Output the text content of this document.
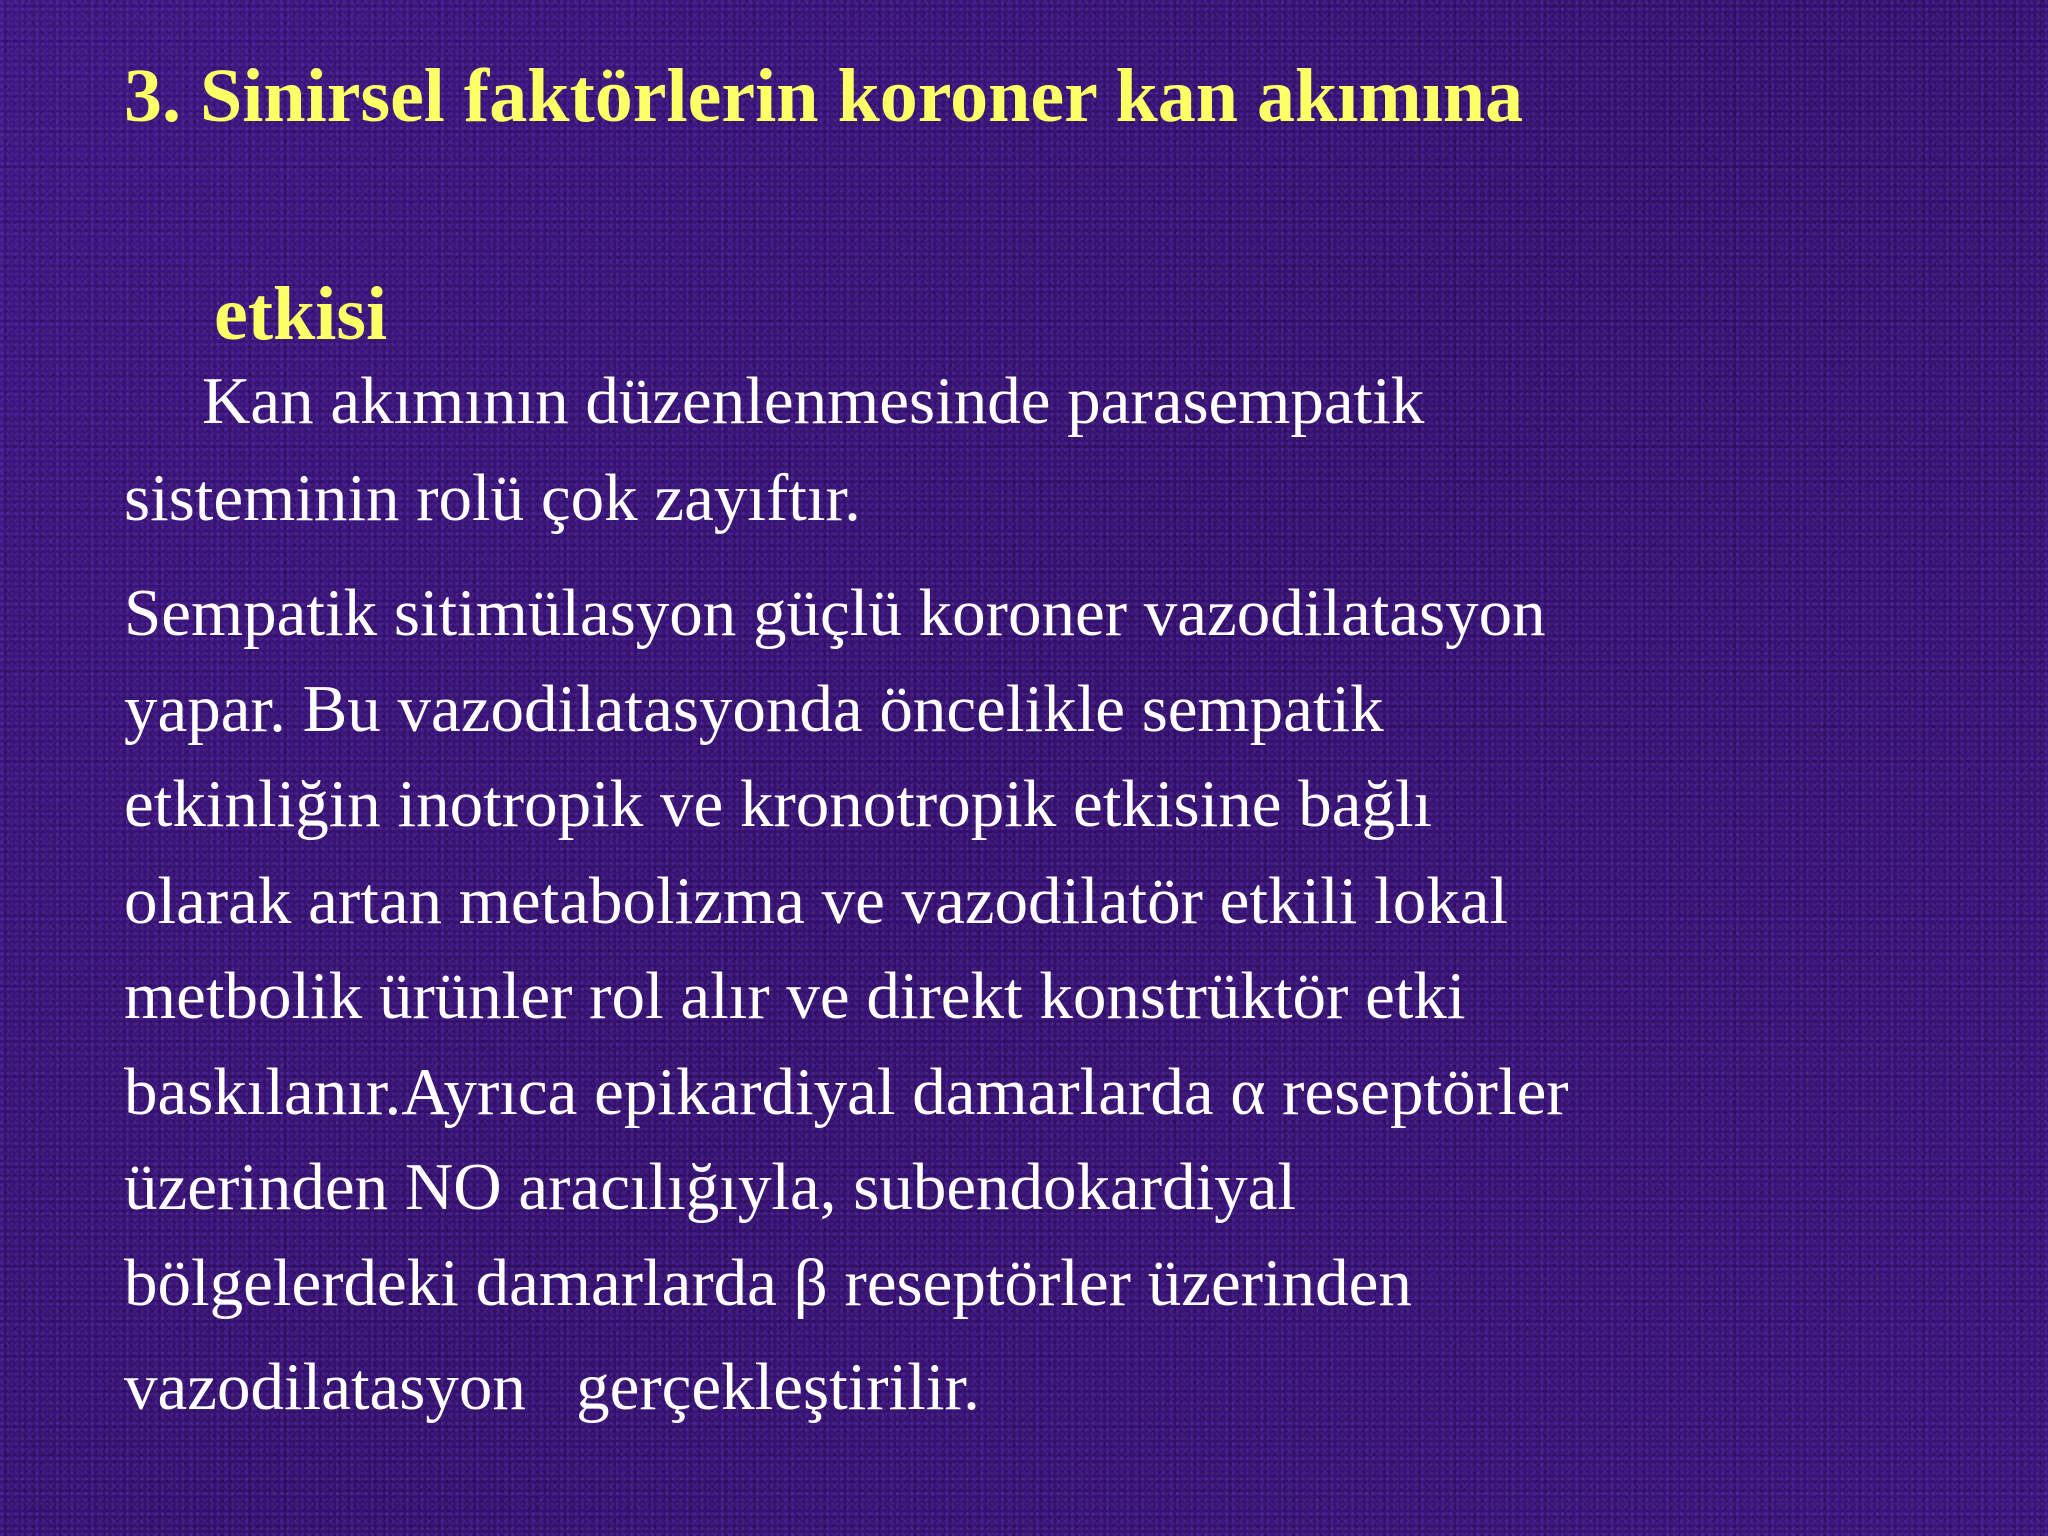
3. Sinirsel faktörlerin koroner kan akımına
etkisi

Kan akımının düzenlenmesinde parasempatik

sisteminin rolü çok zayıftır.

Sempatik sitimülasyon güçlü koroner vazodilatasyon

yapar. Bu vazodilatasyonda öncelikle sempatik

etkinliğin inotropik ve kronotropik etkisine bağlı

olarak artan metabolizma ve vazodilatör etkili lokal

metbolik ürünler rol alır ve direkt konstrüktör etki

baskılanır.Ayrıca epikardiyal damarlarda α reseptörler

üzerinden NO aracılığıyla, subendokardiyal

bölgelerdeki damarlarda β reseptörler üzerinden

vazodilatasyon   gerçekleştirilir.
